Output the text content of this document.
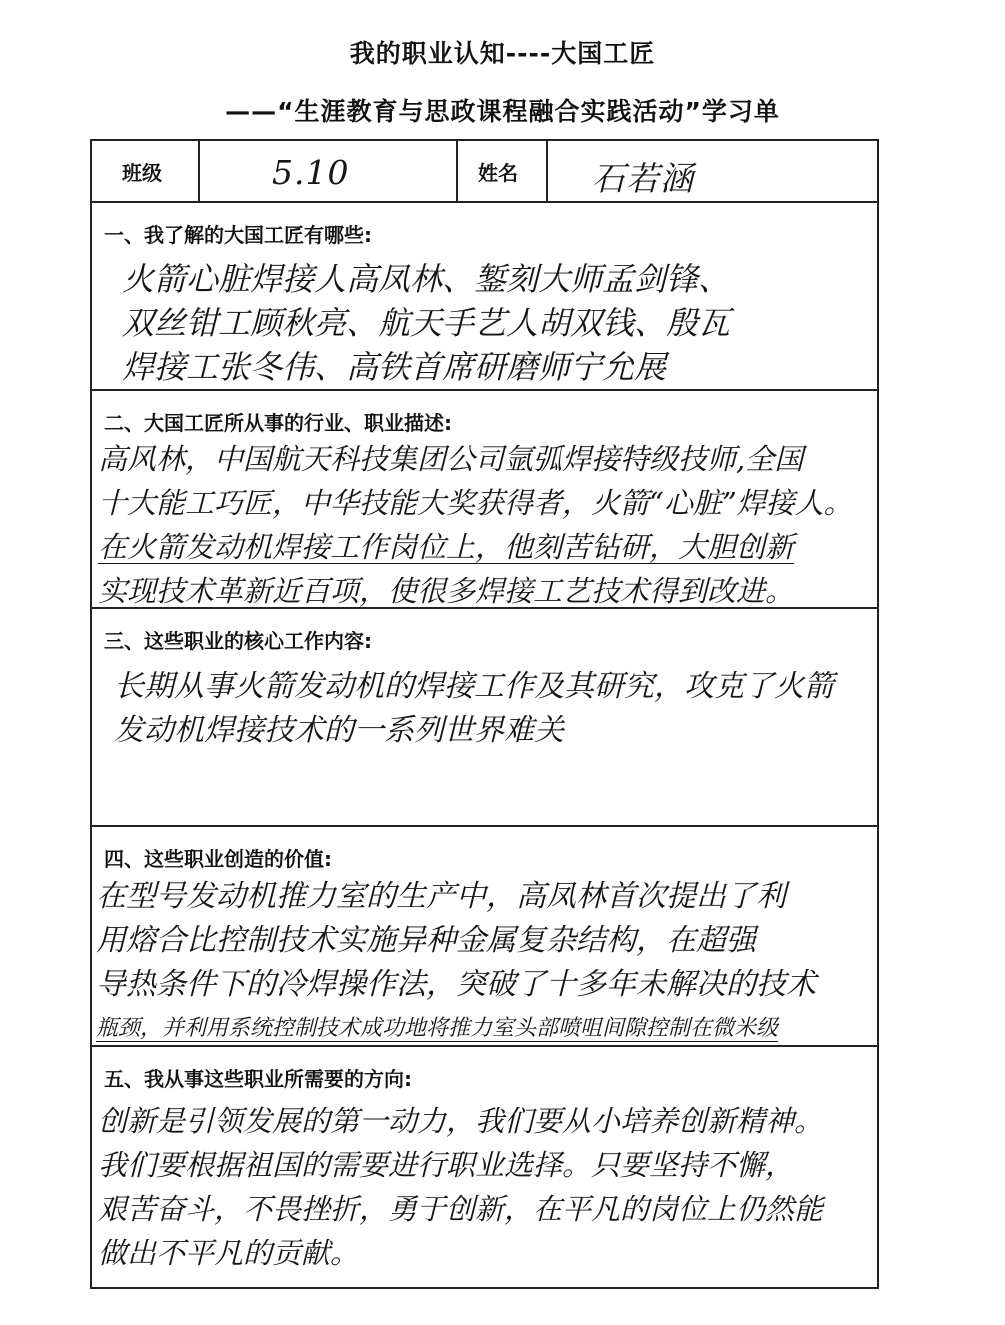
我的职业认知----大国工匠
——“生涯教育与思政课程融合实践活动”学习单
班级	5.10	姓名 石若涵
一、我了解的大国工匠有哪些:
火箭心脏焊接人高凤林、錾刻大师孟剑锋、
双丝钳工顾秋亮、航天手艺人胡双钱、殷瓦
焊接工张冬伟、高铁首席研磨师宁允展
二、大国工匠所从事的行业、职业描述:
高风林，中国航天科技集团公司氩弧焊接特级技师,全国
十大能工巧匠，中华技能大奖获得者，火箭“心脏”焊接人。
在火箭发动机焊接工作岗位上，他刻苦钻研，大胆创新
实现技术革新近百项，使很多焊接工艺技术得到改进。
三、这些职业的核心工作内容:
长期从事火箭发动机的焊接工作及其研究，攻克了火箭
发动机焊接技术的一系列世界难关
四、这些职业创造的价值:
在型号发动机推力室的生产中，高凤林首次提出了利
用熔合比控制技术实施异种金属复杂结构，在超强
导热条件下的冷焊操作法，突破了十多年未解决的技术
瓶颈，并利用系统控制技术成功地将推力室头部喷咀间隙控制在微米级
五、我从事这些职业所需要的方向:
创新是引领发展的第一动力，我们要从小培养创新精神。
我们要根据祖国的需要进行职业选择。只要坚持不懈，
艰苦奋斗，不畏挫折，勇于创新，在平凡的岗位上仍然能
做出不平凡的贡献。
